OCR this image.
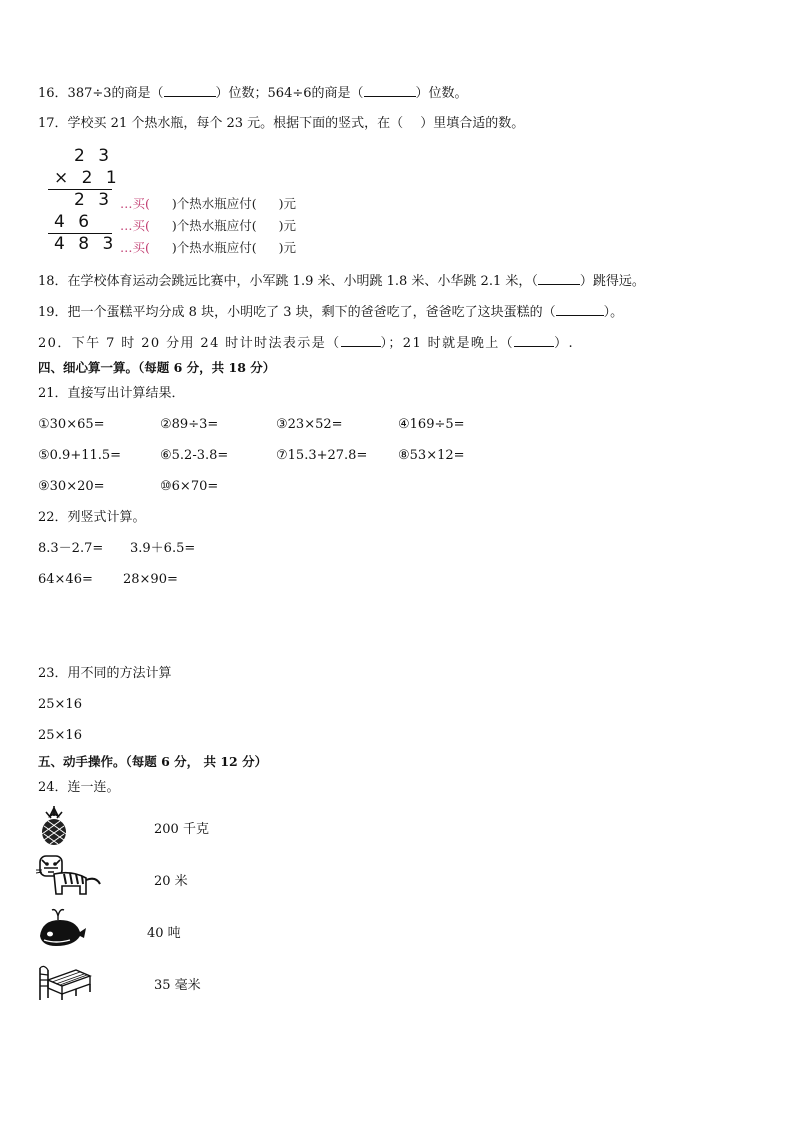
16．387÷3的商是（	）位数；564÷6的商是（	）位数。
17．学校买 21 个热水瓶，每个 23 元。根据下面的竖式，在（　 ）里填合适的数。
2 3
× 2 1
2 3
4 6
4 8 3
…买( )个热水瓶应付( )元
…买( )个热水瓶应付( )元
…买( )个热水瓶应付( )元
18．在学校体育运动会跳远比赛中，小军跳 1.9 米、小明跳 1.8 米、小华跳 2.1 米，（	）跳得远。
19．把一个蛋糕平均分成 8 块，小明吃了 3 块，剩下的爸爸吃了，爸爸吃了这块蛋糕的（	）。
20．下午 7 时 20 分用 24 时计时法表示是（	）；21 时就是晚上（	）.
四、细心算一算。（每题 6 分，共 18 分）
21．直接写出计算结果．
①30×65=	②89÷3=	③23×52=	④169÷5=
⑤0.9+11.5=	⑥5.2-3.8=	⑦15.3+27.8= ⑧53×12=
⑨30×20=	⑩6×70=
22．列竖式计算。
8.3－2.7= 3.9＋6.5=
64×46= 28×90=
23．用不同的方法计算
25×16
25×16
五、动手操作。（每题 6 分， 共 12 分）
24．连一连。
200 千克
20 米
40 吨
35 毫米
